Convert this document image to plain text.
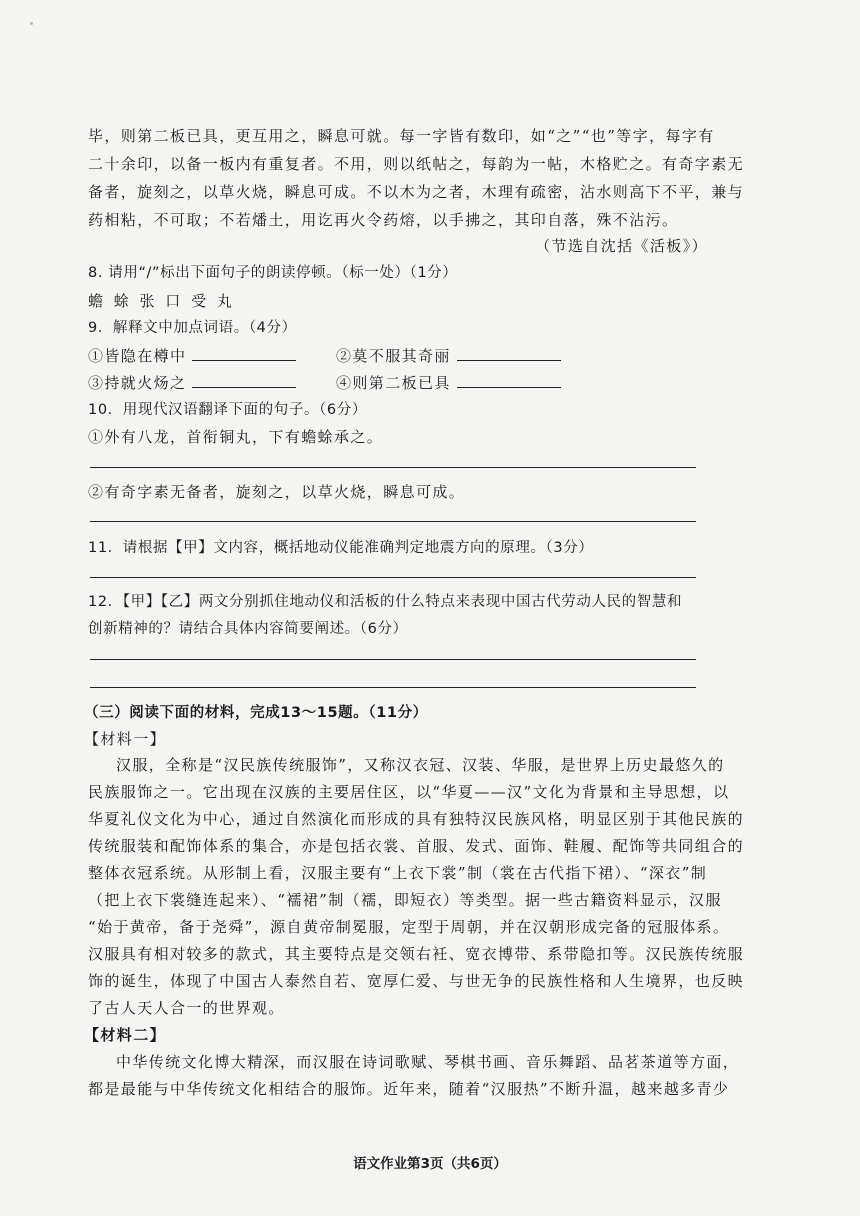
毕，则第二板已具，更互用之，瞬息可就。每一字皆有数印，如“之”“也”等字，每字有
二十余印，以备一板内有重复者。不用，则以纸帖之，每韵为一帖，木格贮之。有奇字素无
备者，旋刻之，以草火烧，瞬息可成。不以木为之者，木理有疏密，沾水则高下不平，兼与
药相粘，不可取；不若燔土，用讫再火令药熔，以手拂之，其印自落，殊不沾污。
（节选自沈括《活板》）
8. 请用“/”标出下面句子的朗读停顿。（标一处）（1分）
蟾 蜍 张 口 受 丸
9．解释文中加点词语。（4分）
①皆隐在樽中	②莫不服其奇丽
③持就火炀之	④则第二板已具
10．用现代汉语翻译下面的句子。（6分）
①外有八龙，首衔铜丸，下有蟾蜍承之。
②有奇字素无备者，旋刻之，以草火烧，瞬息可成。
11．请根据【甲】文内容，概括地动仪能准确判定地震方向的原理。（3分）
12．【甲】【乙】两文分别抓住地动仪和活板的什么特点来表现中国古代劳动人民的智慧和
创新精神的？请结合具体内容简要阐述。（6分）
（三）阅读下面的材料，完成13～15题。（11分）
【材料一】
汉服，全称是“汉民族传统服饰”，又称汉衣冠、汉装、华服，是世界上历史最悠久的
民族服饰之一。它出现在汉族的主要居住区，以“华夏——汉”文化为背景和主导思想，以
华夏礼仪文化为中心，通过自然演化而形成的具有独特汉民族风格，明显区别于其他民族的
传统服装和配饰体系的集合，亦是包括衣裳、首服、发式、面饰、鞋履、配饰等共同组合的
整体衣冠系统。从形制上看，汉服主要有“上衣下裳”制（裳在古代指下裙）、“深衣”制
（把上衣下裳缝连起来）、“襦裙”制（襦，即短衣）等类型。据一些古籍资料显示，汉服
“始于黄帝，备于尧舜”，源自黄帝制冕服，定型于周朝，并在汉朝形成完备的冠服体系。
汉服具有相对较多的款式，其主要特点是交领右衽、宽衣博带、系带隐扣等。汉民族传统服
饰的诞生，体现了中国古人泰然自若、宽厚仁爱、与世无争的民族性格和人生境界，也反映
了古人天人合一的世界观。
【材料二】
中华传统文化博大精深，而汉服在诗词歌赋、琴棋书画、音乐舞蹈、品茗茶道等方面，
都是最能与中华传统文化相结合的服饰。近年来，随着“汉服热”不断升温，越来越多青少
语文作业第3页（共6页）
